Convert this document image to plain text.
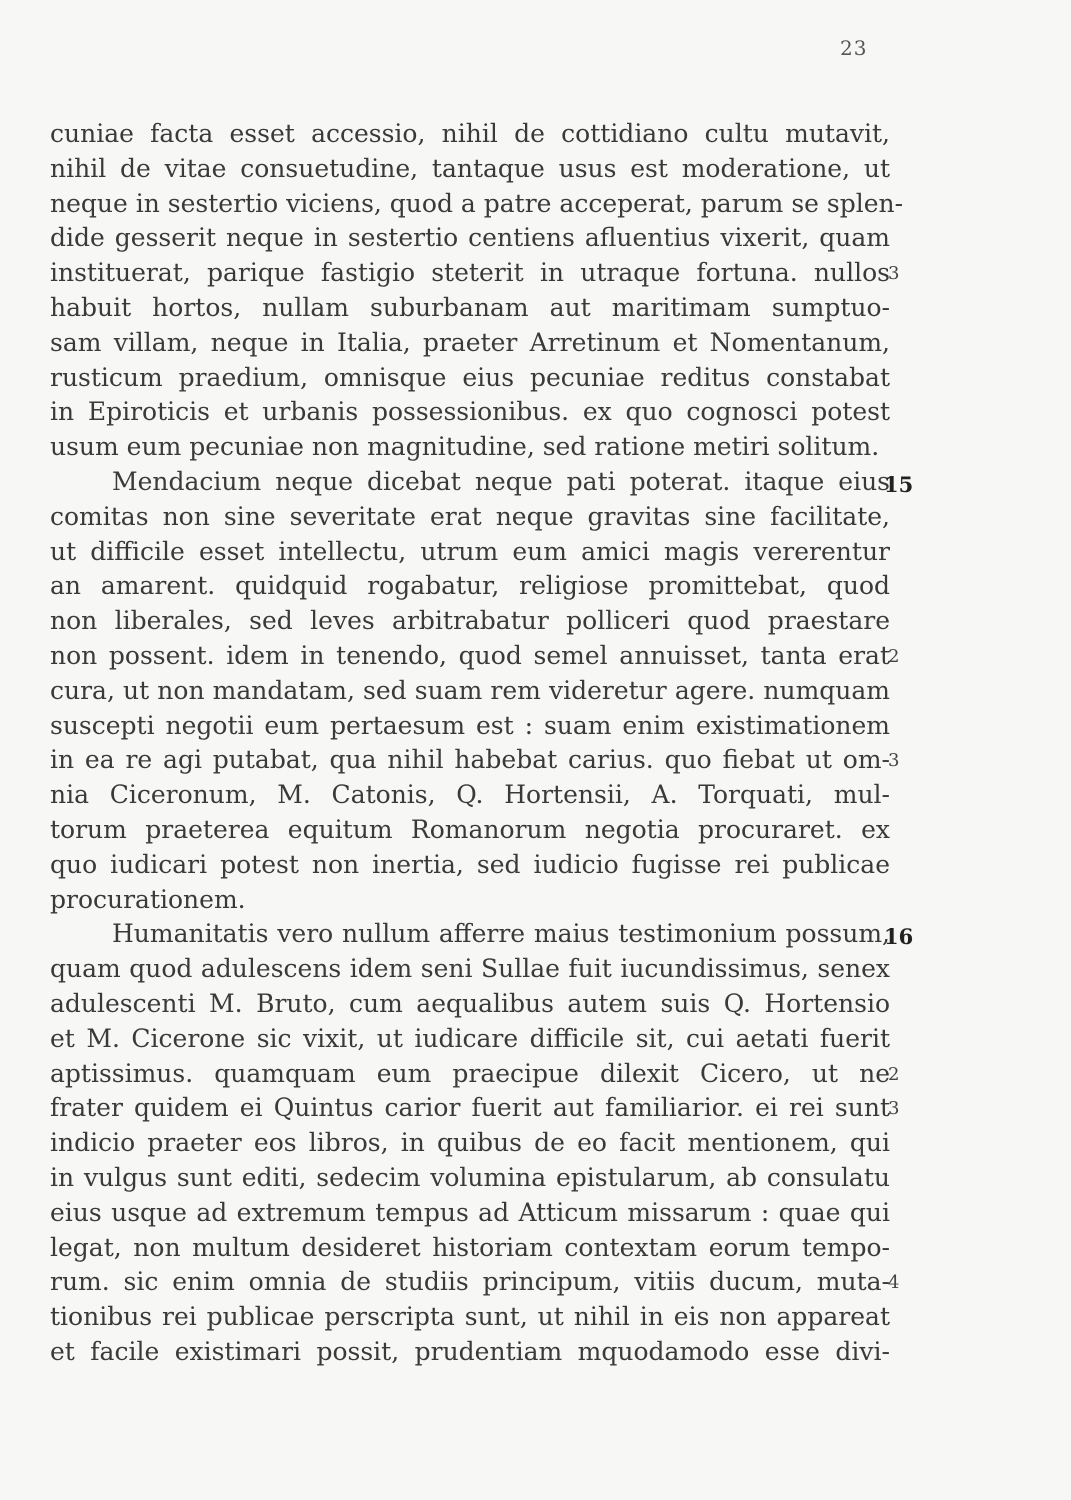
23
cuniae facta esset accessio, nihil de cottidiano cultu mutavit,
nihil de vitae consuetudine, tantaque usus est moderatione, ut
neque in sestertio viciens, quod a patre acceperat, parum se splen-
dide gesserit neque in sestertio centiens afluentius vixerit, quam
instituerat, parique fastigio steterit in utraque fortuna. nullos
habuit hortos, nullam suburbanam aut maritimam sumptuo-
sam villam, neque in Italia, praeter Arretinum et Nomentanum,
rusticum praedium, omnisque eius pecuniae reditus constabat
in Epiroticis et urbanis possessionibus. ex quo cognosci potest
usum eum pecuniae non magnitudine, sed ratione metiri solitum.
Mendacium neque dicebat neque pati poterat. itaque eius
comitas non sine severitate erat neque gravitas sine facilitate,
ut difficile esset intellectu, utrum eum amici magis vererentur
an amarent. quidquid rogabatur, religiose promittebat, quod
non liberales, sed leves arbitrabatur polliceri quod praestare
non possent. idem in tenendo, quod semel annuisset, tanta erat
cura, ut non mandatam, sed suam rem videretur agere. numquam
suscepti negotii eum pertaesum est : suam enim existimationem
in ea re agi putabat, qua nihil habebat carius. quo fiebat ut om-
nia Ciceronum, M. Catonis, Q. Hortensii, A. Torquati, mul-
torum praeterea equitum Romanorum negotia procuraret. ex
quo iudicari potest non inertia, sed iudicio fugisse rei publicae
procurationem.
Humanitatis vero nullum afferre maius testimonium possum,
quam quod adulescens idem seni Sullae fuit iucundissimus, senex
adulescenti M. Bruto, cum aequalibus autem suis Q. Hortensio
et M. Cicerone sic vixit, ut iudicare difficile sit, cui aetati fuerit
aptissimus. quamquam eum praecipue dilexit Cicero, ut ne
frater quidem ei Quintus carior fuerit aut familiarior. ei rei sunt
indicio praeter eos libros, in quibus de eo facit mentionem, qui
in vulgus sunt editi, sedecim volumina epistularum, ab consulatu
eius usque ad extremum tempus ad Atticum missarum : quae qui
legat, non multum desideret historiam contextam eorum tempo-
rum. sic enim omnia de studiis principum, vitiis ducum, muta-
tionibus rei publicae perscripta sunt, ut nihil in eis non appareat
et facile existimari possit, prudentiam mquodamodo esse divi-
3
15
2
3
16
2
3
4
